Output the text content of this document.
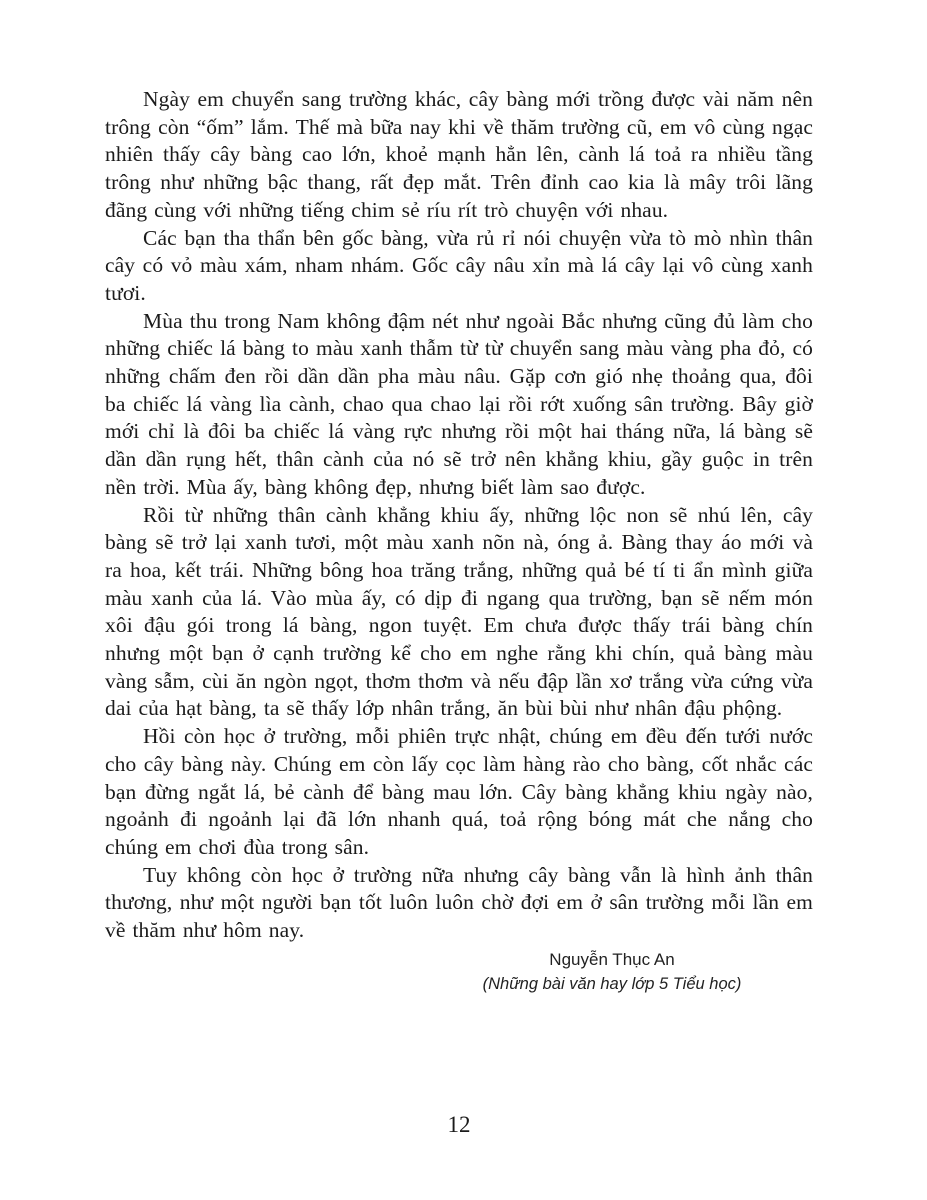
Ngày em chuyển sang trường khác, cây bàng mới trồng được vài năm nên trông còn “ốm” lắm. Thế mà bữa nay khi về thăm trường cũ, em vô cùng ngạc nhiên thấy cây bàng cao lớn, khoẻ mạnh hẳn lên, cành lá toả ra nhiều tầng trông như những bậc thang, rất đẹp mắt. Trên đỉnh cao kia là mây trôi lãng đãng cùng với những tiếng chim sẻ ríu rít trò chuyện với nhau.

Các bạn tha thẩn bên gốc bàng, vừa rủ rỉ nói chuyện vừa tò mò nhìn thân cây có vỏ màu xám, nham nhám. Gốc cây nâu xỉn mà lá cây lại vô cùng xanh tươi.

Mùa thu trong Nam không đậm nét như ngoài Bắc nhưng cũng đủ làm cho những chiếc lá bàng to màu xanh thẫm từ từ chuyển sang màu vàng pha đỏ, có những chấm đen rồi dần dần pha màu nâu. Gặp cơn gió nhẹ thoảng qua, đôi ba chiếc lá vàng lìa cành, chao qua chao lại rồi rớt xuống sân trường. Bây giờ mới chỉ là đôi ba chiếc lá vàng rực nhưng rồi một hai tháng nữa, lá bàng sẽ dần dần rụng hết, thân cành của nó sẽ trở nên khẳng khiu, gầy guộc in trên nền trời. Mùa ấy, bàng không đẹp, nhưng biết làm sao được.

Rồi từ những thân cành khẳng khiu ấy, những lộc non sẽ nhú lên, cây bàng sẽ trở lại xanh tươi, một màu xanh nõn nà, óng ả. Bàng thay áo mới và ra hoa, kết trái. Những bông hoa trăng trắng, những quả bé tí ti ẩn mình giữa màu xanh của lá. Vào mùa ấy, có dịp đi ngang qua trường, bạn sẽ nếm món xôi đậu gói trong lá bàng, ngon tuyệt. Em chưa được thấy trái bàng chín nhưng một bạn ở cạnh trường kể cho em nghe rằng khi chín, quả bàng màu vàng sẫm, cùi ăn ngòn ngọt, thơm thơm và nếu đập lần xơ trắng vừa cứng vừa dai của hạt bàng, ta sẽ thấy lớp nhân trắng, ăn bùi bùi như nhân đậu phộng.

Hồi còn học ở trường, mỗi phiên trực nhật, chúng em đều đến tưới nước cho cây bàng này. Chúng em còn lấy cọc làm hàng rào cho bàng, cốt nhắc các bạn đừng ngắt lá, bẻ cành để bàng mau lớn. Cây bàng khẳng khiu ngày nào, ngoảnh đi ngoảnh lại đã lớn nhanh quá, toả rộng bóng mát che nắng cho chúng em chơi đùa trong sân.

Tuy không còn học ở trường nữa nhưng cây bàng vẫn là hình ảnh thân thương, như một người bạn tốt luôn luôn chờ đợi em ở sân trường mỗi lần em về thăm như hôm nay.

Nguyễn Thục An
(Những bài văn hay lớp 5 Tiểu học)
12
